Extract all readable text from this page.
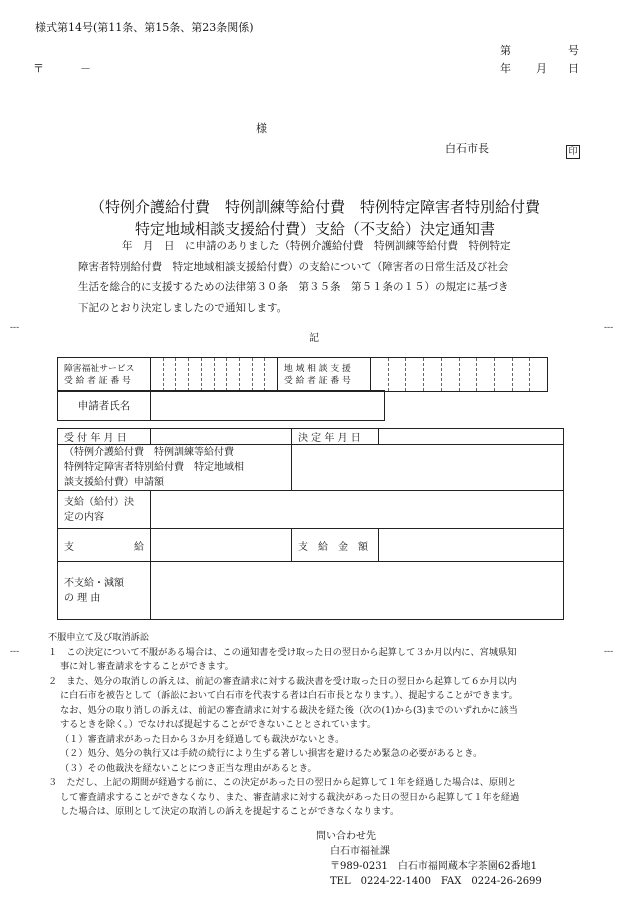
様式第14号(第11条、第15条、第23条関係)
第	号
〒	－	年 月 日
様
白石市長	印
（特例介護給付費　特例訓練等給付費　特例特定障害者特別給付費
特定地域相談支援給付費）支給（不支給）決定通知書

年　月　日　に申請のありました（特例介護給付費　特例訓練等給付費　特例特定

障害者特別給付費　特定地域相談支援給付費）の支給について（障害者の日常生活及び社会

生活を総合的に支援するための法律第３０条　第３５条　第５１条の１５）の規定に基づき

下記のとおり決定しましたので通知します。

記
---	---
---	---
障害福祉サービス
受 給 者 証 番 号

地 域 相 談 支 援
受 給 者 証 番 号

申請者氏名	
受 付 年 月 日		決 定 年 月 日	

（特例介護給付費　特例訓練等給付費
特例特定障害者特別給付費　特定地域相
談支援給付費）申請額			

支給（給付）決
定の内容			

支 給		支　給　金　額	

不支給・減額
の 理 由			

不服申立て及び取消訴訟

１　この決定について不服がある場合は、この通知書を受け取った日の翌日から起算して３か月以内に、宮城県知

事に対し審査請求をすることができます。

２　また、処分の取消しの訴えは、前記の審査請求に対する裁決書を受け取った日の翌日から起算して６か月以内

に白石市を被告として（訴訟において白石市を代表する者は白石市長となります。）、提起することができます。

なお、処分の取り消しの訴えは、前記の審査請求に対する裁決を経た後（次の(1)から(3)までのいずれかに該当

するときを除く。）でなければ提起することができないこととされています。

（１）審査請求があった日から３か月を経過しても裁決がないとき。

（２）処分、処分の執行又は手続の続行により生ずる著しい損害を避けるため緊急の必要があるとき。

（３）その他裁決を経ないことにつき正当な理由があるとき。

３　ただし、上記の期間が経過する前に、この決定があった日の翌日から起算して１年を経過した場合は、原則と

して審査請求することができなくなり、また、審査請求に対する裁決があった日の翌日から起算して１年を経過

した場合は、原則として決定の取消しの訴えを提起することができなくなります。

問い合わせ先
白石市福祉課
〒989-0231　白石市福岡蔵本字茶園62番地1
TEL　0224-22-1400　FAX　0224-26-2699
